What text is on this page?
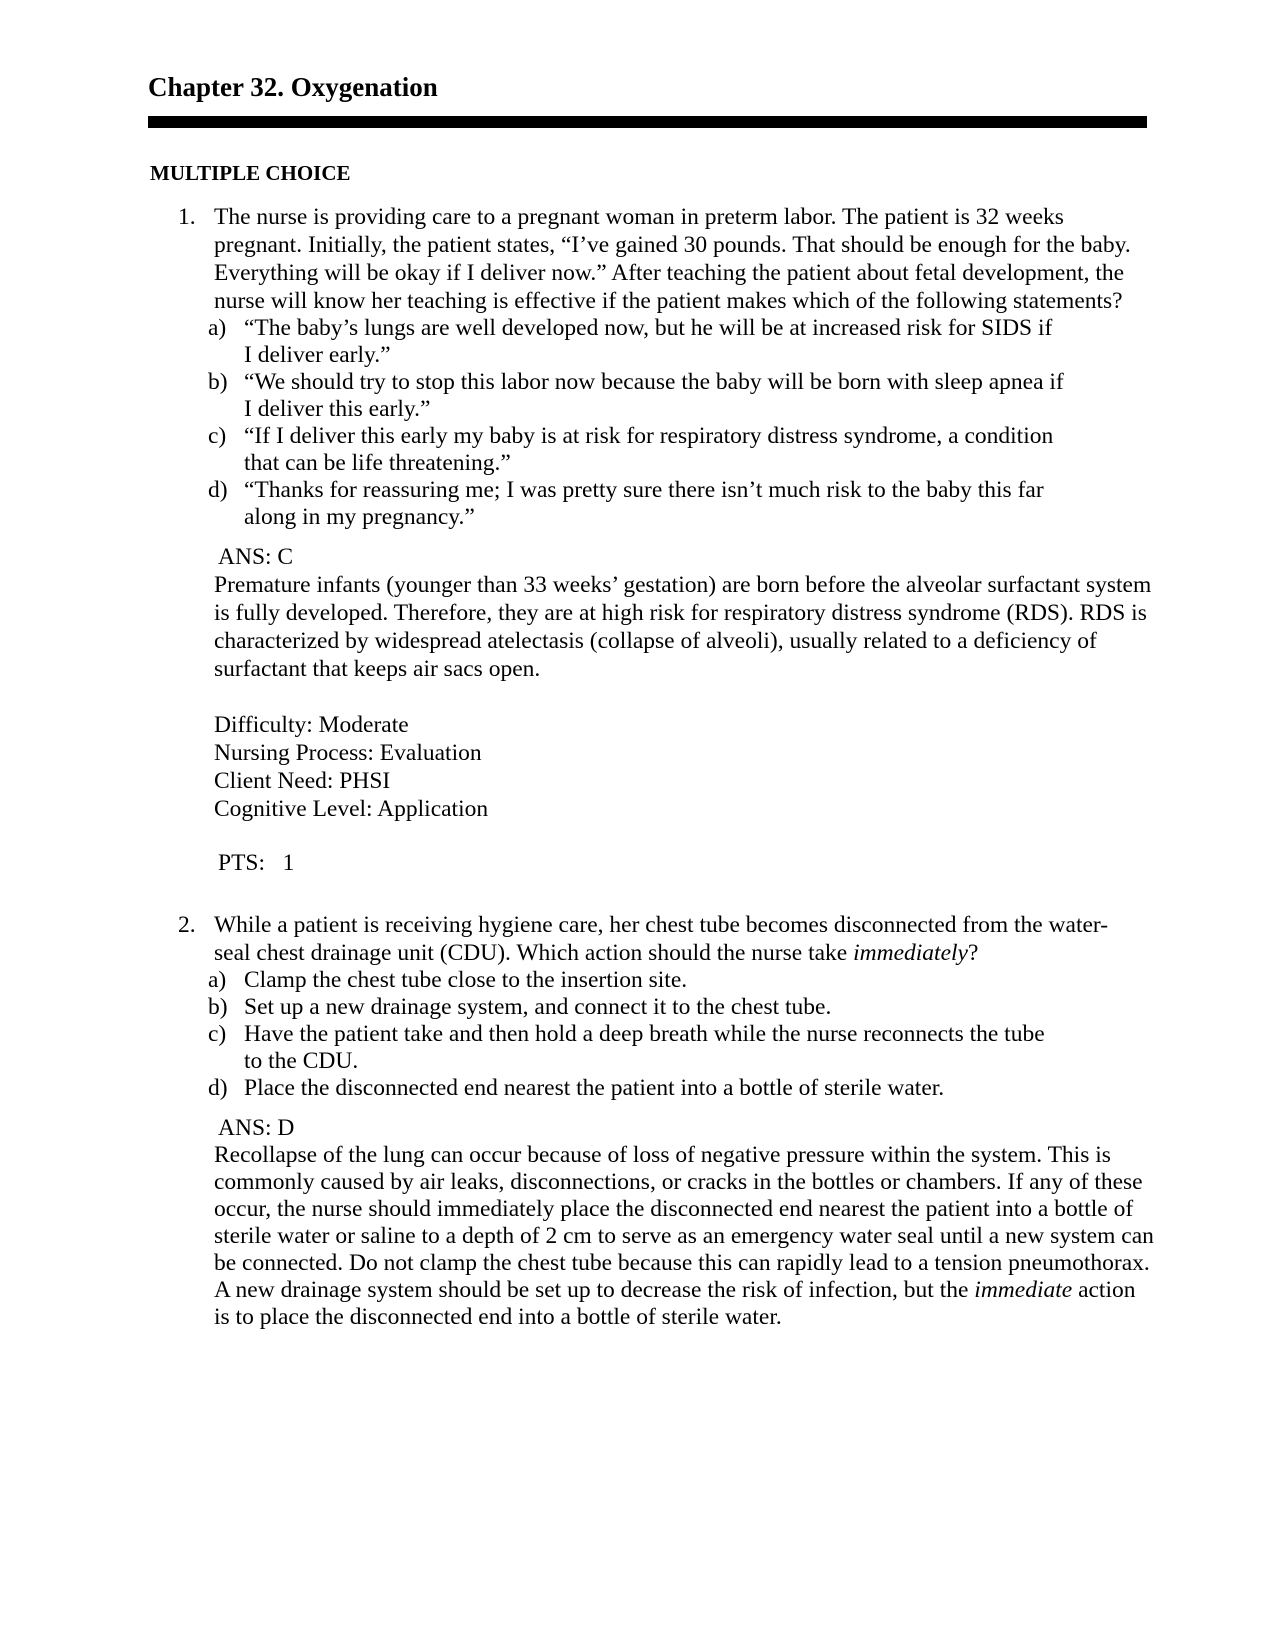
Chapter 32. Oxygenation
MULTIPLE CHOICE
1. The nurse is providing care to a pregnant woman in preterm labor. The patient is 32 weeks pregnant. Initially, the patient states, “I’ve gained 30 pounds. That should be enough for the baby. Everything will be okay if I deliver now.” After teaching the patient about fetal development, the nurse will know her teaching is effective if the patient makes which of the following statements?
a) “The baby’s lungs are well developed now, but he will be at increased risk for SIDS if I deliver early.”
b) “We should try to stop this labor now because the baby will be born with sleep apnea if I deliver this early.”
c) “If I deliver this early my baby is at risk for respiratory distress syndrome, a condition that can be life threatening.”
d) “Thanks for reassuring me; I was pretty sure there isn’t much risk to the baby this far along in my pregnancy.”
ANS: C
Premature infants (younger than 33 weeks’ gestation) are born before the alveolar surfactant system is fully developed. Therefore, they are at high risk for respiratory distress syndrome (RDS). RDS is characterized by widespread atelectasis (collapse of alveoli), usually related to a deficiency of surfactant that keeps air sacs open.
Difficulty: Moderate
Nursing Process: Evaluation
Client Need: PHSI
Cognitive Level: Application
PTS:   1
2. While a patient is receiving hygiene care, her chest tube becomes disconnected from the water-seal chest drainage unit (CDU). Which action should the nurse take immediately?
a) Clamp the chest tube close to the insertion site.
b) Set up a new drainage system, and connect it to the chest tube.
c) Have the patient take and then hold a deep breath while the nurse reconnects the tube to the CDU.
d) Place the disconnected end nearest the patient into a bottle of sterile water.
ANS: D
Recollapse of the lung can occur because of loss of negative pressure within the system. This is commonly caused by air leaks, disconnections, or cracks in the bottles or chambers. If any of these occur, the nurse should immediately place the disconnected end nearest the patient into a bottle of sterile water or saline to a depth of 2 cm to serve as an emergency water seal until a new system can be connected. Do not clamp the chest tube because this can rapidly lead to a tension pneumothorax. A new drainage system should be set up to decrease the risk of infection, but the immediate action is to place the disconnected end into a bottle of sterile water.
